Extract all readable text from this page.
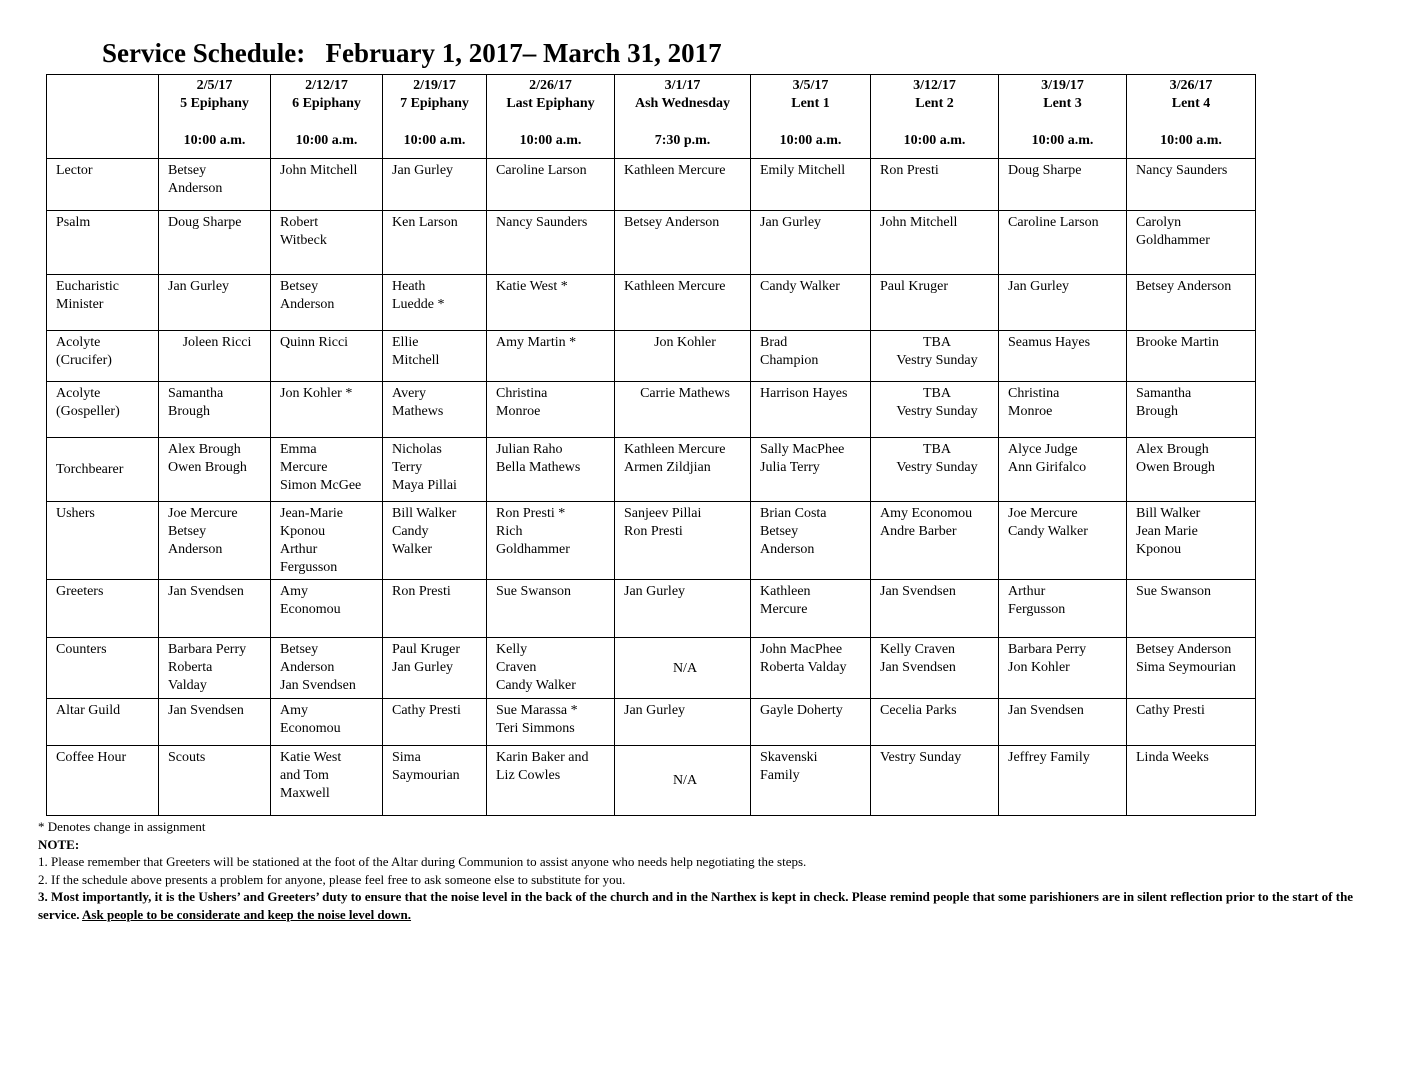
Service Schedule:   February 1, 2017– March 31, 2017

	2/5/17
5 Epiphany
10:00 a.m.	2/12/17
6 Epiphany
10:00 a.m.	2/19/17
7 Epiphany
10:00 a.m.	2/26/17
Last Epiphany
10:00 a.m.	3/1/17
Ash Wednesday
7:30 p.m.	3/5/17
Lent 1
10:00 a.m.	3/12/17
Lent 2
10:00 a.m.	3/19/17
Lent 3
10:00 a.m.	3/26/17
Lent 4
10:00 a.m.

Lector	Betsey
Anderson	John Mitchell	Jan Gurley	Caroline Larson	Kathleen Mercure	Emily Mitchell	Ron Presti	Doug Sharpe	Nancy Saunders

Psalm	Doug Sharpe	Robert
Witbeck	Ken Larson	Nancy Saunders	Betsey Anderson	Jan Gurley	John Mitchell	Caroline Larson	Carolyn
Goldhammer

Eucharistic
Minister	Jan Gurley	Betsey
Anderson	Heath
Luedde *	Katie West *	Kathleen Mercure	Candy Walker	Paul Kruger	Jan Gurley	Betsey Anderson

Acolyte
(Crucifer)	Joleen Ricci	Quinn Ricci	Ellie
Mitchell	Amy Martin *	Jon Kohler	Brad
Champion	TBA
Vestry Sunday	Seamus Hayes	Brooke Martin

Acolyte
(Gospeller)	Samantha
Brough	Jon Kohler *	Avery
Mathews	Christina
Monroe	Carrie Mathews	Harrison Hayes	TBA
Vestry Sunday	Christina
Monroe	Samantha
Brough

Torchbearer	Alex Brough
Owen Brough	Emma
Mercure
Simon McGee	Nicholas
Terry
Maya Pillai	Julian Raho
Bella Mathews	Kathleen Mercure
Armen Zildjian	Sally MacPhee
Julia Terry	TBA
Vestry Sunday	Alyce Judge
Ann Girifalco	Alex Brough
Owen Brough

Ushers	Joe Mercure
Betsey
Anderson	Jean-Marie
Kponou
Arthur
Fergusson	Bill Walker
Candy
Walker	Ron Presti *
Rich
Goldhammer	Sanjeev Pillai
Ron Presti	Brian Costa
Betsey
Anderson	Amy Economou
Andre Barber	Joe Mercure
Candy Walker	Bill Walker
Jean Marie
Kponou

Greeters	Jan Svendsen	Amy
Economou	Ron Presti	Sue Swanson	Jan Gurley	Kathleen
Mercure	Jan Svendsen	Arthur
Fergusson	Sue Swanson

Counters	Barbara Perry
Roberta
Valday	Betsey
Anderson
Jan Svendsen	Paul Kruger
Jan Gurley	Kelly
Craven
Candy Walker	N/A	John MacPhee
Roberta Valday	Kelly Craven
Jan Svendsen	Barbara Perry
Jon Kohler	Betsey Anderson
Sima Seymourian

Altar Guild	Jan Svendsen	Amy
Economou	Cathy Presti	Sue Marassa *
Teri Simmons	Jan Gurley	Gayle Doherty	Cecelia Parks	Jan Svendsen	Cathy Presti

Coffee Hour	Scouts	Katie West
and Tom
Maxwell	Sima
Saymourian	Karin Baker and
Liz Cowles	N/A	Skavenski
Family	Vestry Sunday	Jeffrey Family	Linda Weeks

* Denotes change in assignment

NOTE:

1. Please remember that Greeters will be stationed at the foot of the Altar during Communion to assist anyone who needs help negotiating the steps.

2. If the schedule above presents a problem for anyone, please feel free to ask someone else to substitute for you.

3. Most importantly, it is the Ushers’ and Greeters’ duty to ensure that the noise level in the back of the church and in the Narthex is kept in check. Please remind people that some parishioners are in silent reflection prior to the start of the service. Ask people to be considerate and keep the noise level down.
